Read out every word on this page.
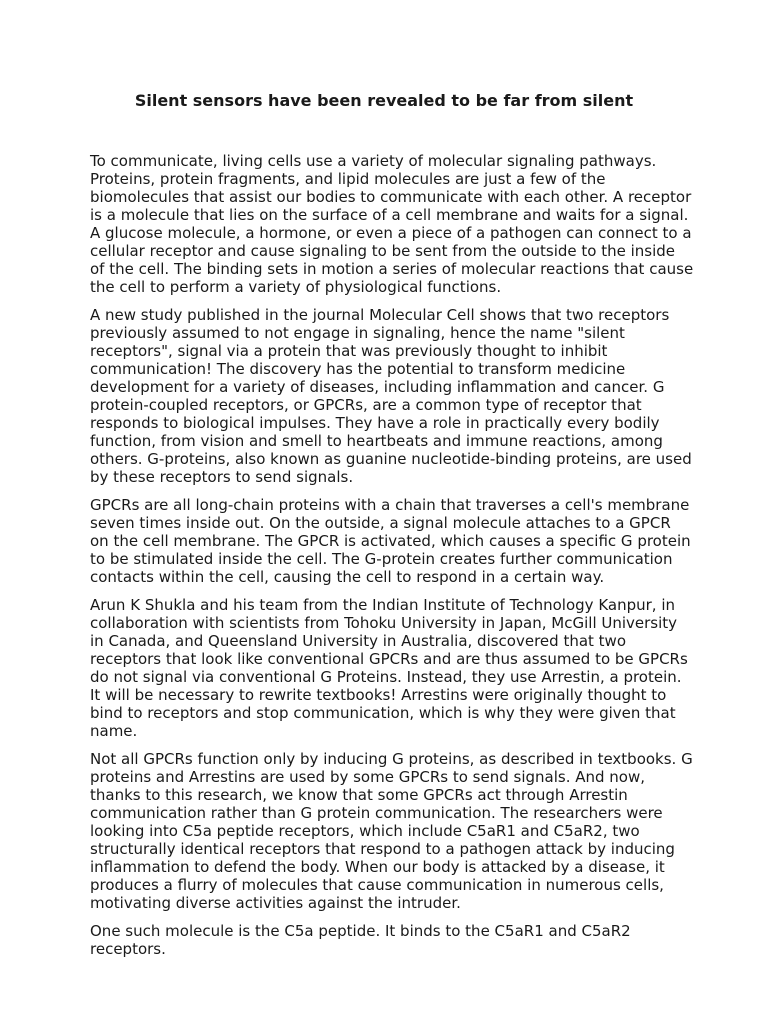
Silent sensors have been revealed to be far from silent

To communicate, living cells use a variety of molecular signaling pathways. Proteins, protein fragments, and lipid molecules are just a few of the biomolecules that assist our bodies to communicate with each other. A receptor is a molecule that lies on the surface of a cell membrane and waits for a signal. A glucose molecule, a hormone, or even a piece of a pathogen can connect to a cellular receptor and cause signaling to be sent from the outside to the inside of the cell. The binding sets in motion a series of molecular reactions that cause the cell to perform a variety of physiological functions.

A new study published in the journal Molecular Cell shows that two receptors previously assumed to not engage in signaling, hence the name "silent receptors", signal via a protein that was previously thought to inhibit communication! The discovery has the potential to transform medicine development for a variety of diseases, including inflammation and cancer. G protein-coupled receptors, or GPCRs, are a common type of receptor that responds to biological impulses. They have a role in practically every bodily function, from vision and smell to heartbeats and immune reactions, among others. G-proteins, also known as guanine nucleotide-binding proteins, are used by these receptors to send signals.

GPCRs are all long-chain proteins with a chain that traverses a cell's membrane seven times inside out. On the outside, a signal molecule attaches to a GPCR on the cell membrane. The GPCR is activated, which causes a specific G protein to be stimulated inside the cell. The G-protein creates further communication contacts within the cell, causing the cell to respond in a certain way.

Arun K Shukla and his team from the Indian Institute of Technology Kanpur, in collaboration with scientists from Tohoku University in Japan, McGill University in Canada, and Queensland University in Australia, discovered that two receptors that look like conventional GPCRs and are thus assumed to be GPCRs do not signal via conventional G Proteins. Instead, they use Arrestin, a protein. It will be necessary to rewrite textbooks! Arrestins were originally thought to bind to receptors and stop communication, which is why they were given that name.

Not all GPCRs function only by inducing G proteins, as described in textbooks. G proteins and Arrestins are used by some GPCRs to send signals. And now, thanks to this research, we know that some GPCRs act through Arrestin communication rather than G protein communication. The researchers were looking into C5a peptide receptors, which include C5aR1 and C5aR2, two structurally identical receptors that respond to a pathogen attack by inducing inflammation to defend the body. When our body is attacked by a disease, it produces a flurry of molecules that cause communication in numerous cells, motivating diverse activities against the intruder.

One such molecule is the C5a peptide. It binds to the C5aR1 and C5aR2 receptors.
